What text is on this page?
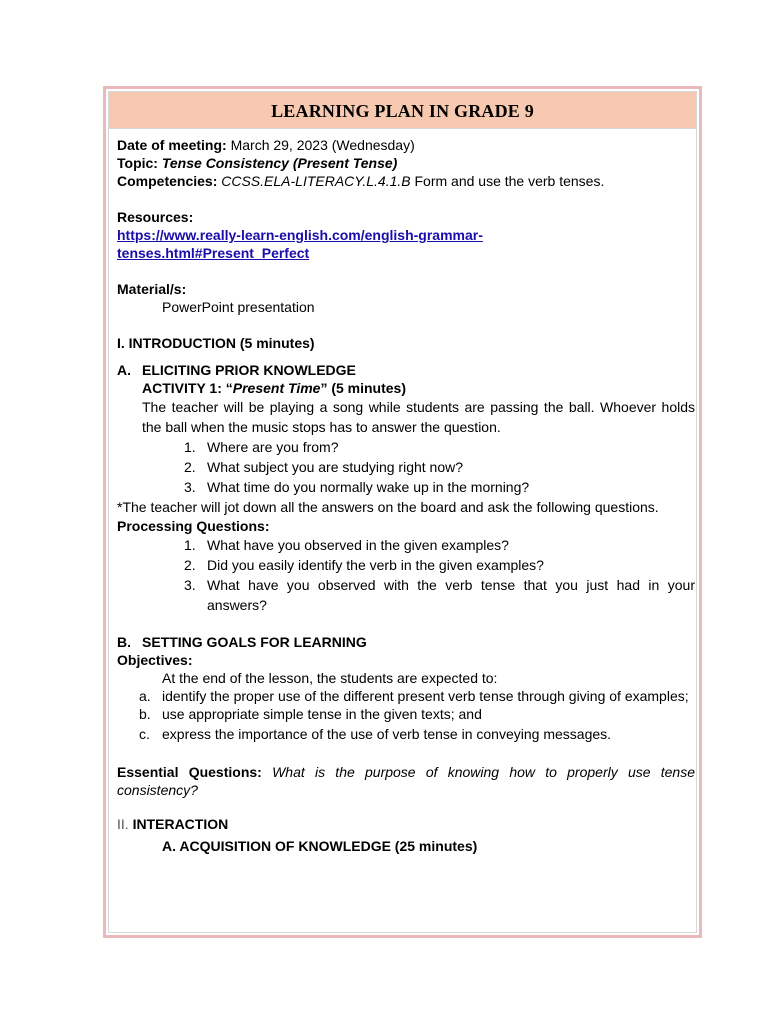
LEARNING PLAN IN GRADE 9
Date of meeting: March 29, 2023 (Wednesday)
Topic: Tense Consistency (Present Tense)
Competencies: CCSS.ELA-LITERACY.L.4.1.B Form and use the verb tenses.
Resources:
https://www.really-learn-english.com/english-grammar-
tenses.html#Present_Perfect
Material/s:
PowerPoint presentation
I. INTRODUCTION (5 minutes)
A. ELICITING PRIOR KNOWLEDGE
ACTIVITY 1: “Present Time” (5 minutes)
The teacher will be playing a song while students are passing the ball. Whoever holds the ball when the music stops has to answer the question.
1. Where are you from?
2. What subject you are studying right now?
3. What time do you normally wake up in the morning?
*The teacher will jot down all the answers on the board and ask the following questions.
Processing Questions:
1. What have you observed in the given examples?
2. Did you easily identify the verb in the given examples?
3. What have you observed with the verb tense that you just had in your answers?
B. SETTING GOALS FOR LEARNING
Objectives:
At the end of the lesson, the students are expected to:
a. identify the proper use of the different present verb tense through giving of examples;
b. use appropriate simple tense in the given texts; and
c. express the importance of the use of verb tense in conveying messages.
Essential Questions: What is the purpose of knowing how to properly use tense consistency?
II. INTERACTION
A. ACQUISITION OF KNOWLEDGE (25 minutes)
